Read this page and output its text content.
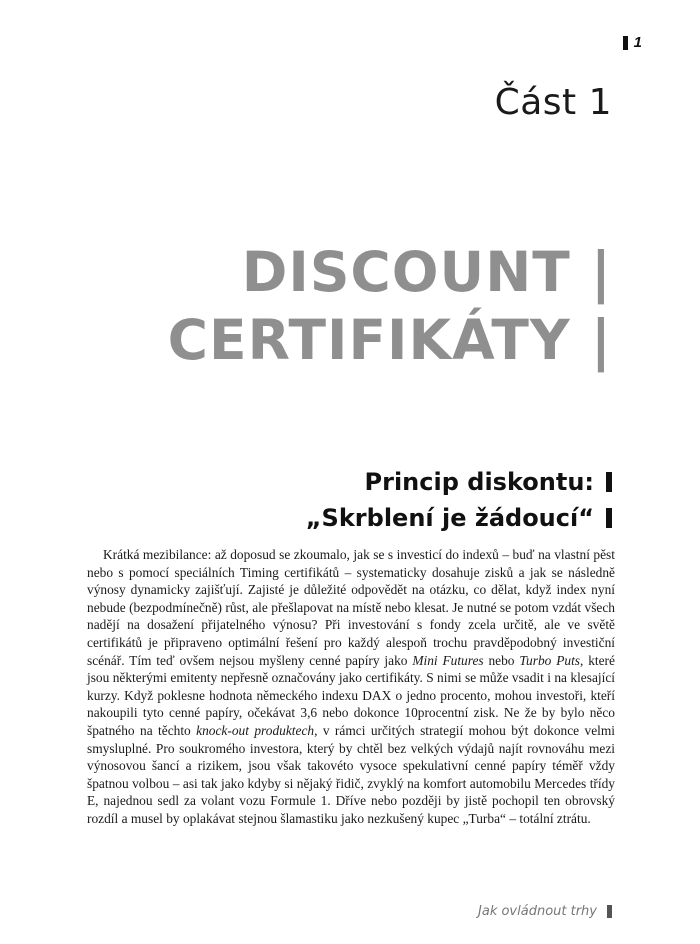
1
Část 1
DISCOUNT |
CERTIFIKÁTY |
Princip diskontu:
„Skrblení je žádoucí“

Krátká mezibilance: až doposud se zkoumalo, jak se s investicí do indexů – buď na vlastní pěst nebo s pomocí speciálních Timing certifikátů – systematicky dosahuje zisků a jak se následně výnosy dynamicky zajišťují. Zajisté je důležité odpovědět na otázku, co dělat, když index nyní nebude (bezpodmínečně) růst, ale přešlapovat na místě nebo klesat. Je nutné se potom vzdát všech nadějí na dosažení přijatelného výnosu? Při investování s fondy zcela určitě, ale ve světě certifikátů je připraveno optimální řešení pro každý alespoň trochu pravděpodobný investiční scénář. Tím teď ovšem nejsou myšleny cenné papíry jako Mini Futures nebo Turbo Puts, které jsou některými emitenty nepřesně označovány jako certifikáty. S nimi se může vsadit i na klesající kurzy. Když poklesne hodnota německého indexu DAX o jedno procento, mohou investoři, kteří nakoupili tyto cenné papíry, očekávat 3,6 nebo dokonce 10procentní zisk. Ne že by bylo něco špatného na těchto knock-out produktech, v rámci určitých strategií mohou být dokonce velmi smysluplné. Pro soukromého investora, který by chtěl bez velkých výdajů najít rovnováhu mezi výnosovou šancí a rizikem, jsou však takovéto vysoce spekulativní cenné papíry téměř vždy špatnou volbou – asi tak jako kdyby si nějaký řidič, zvyklý na komfort automobilu Mercedes třídy E, najednou sedl za volant vozu Formule 1. Dříve nebo později by jistě pochopil ten obrovský rozdíl a musel by oplakávat stejnou šlamastiku jako nezkušený kupec „Turba“ – totální ztrátu.

Jak ovládnout trhy
